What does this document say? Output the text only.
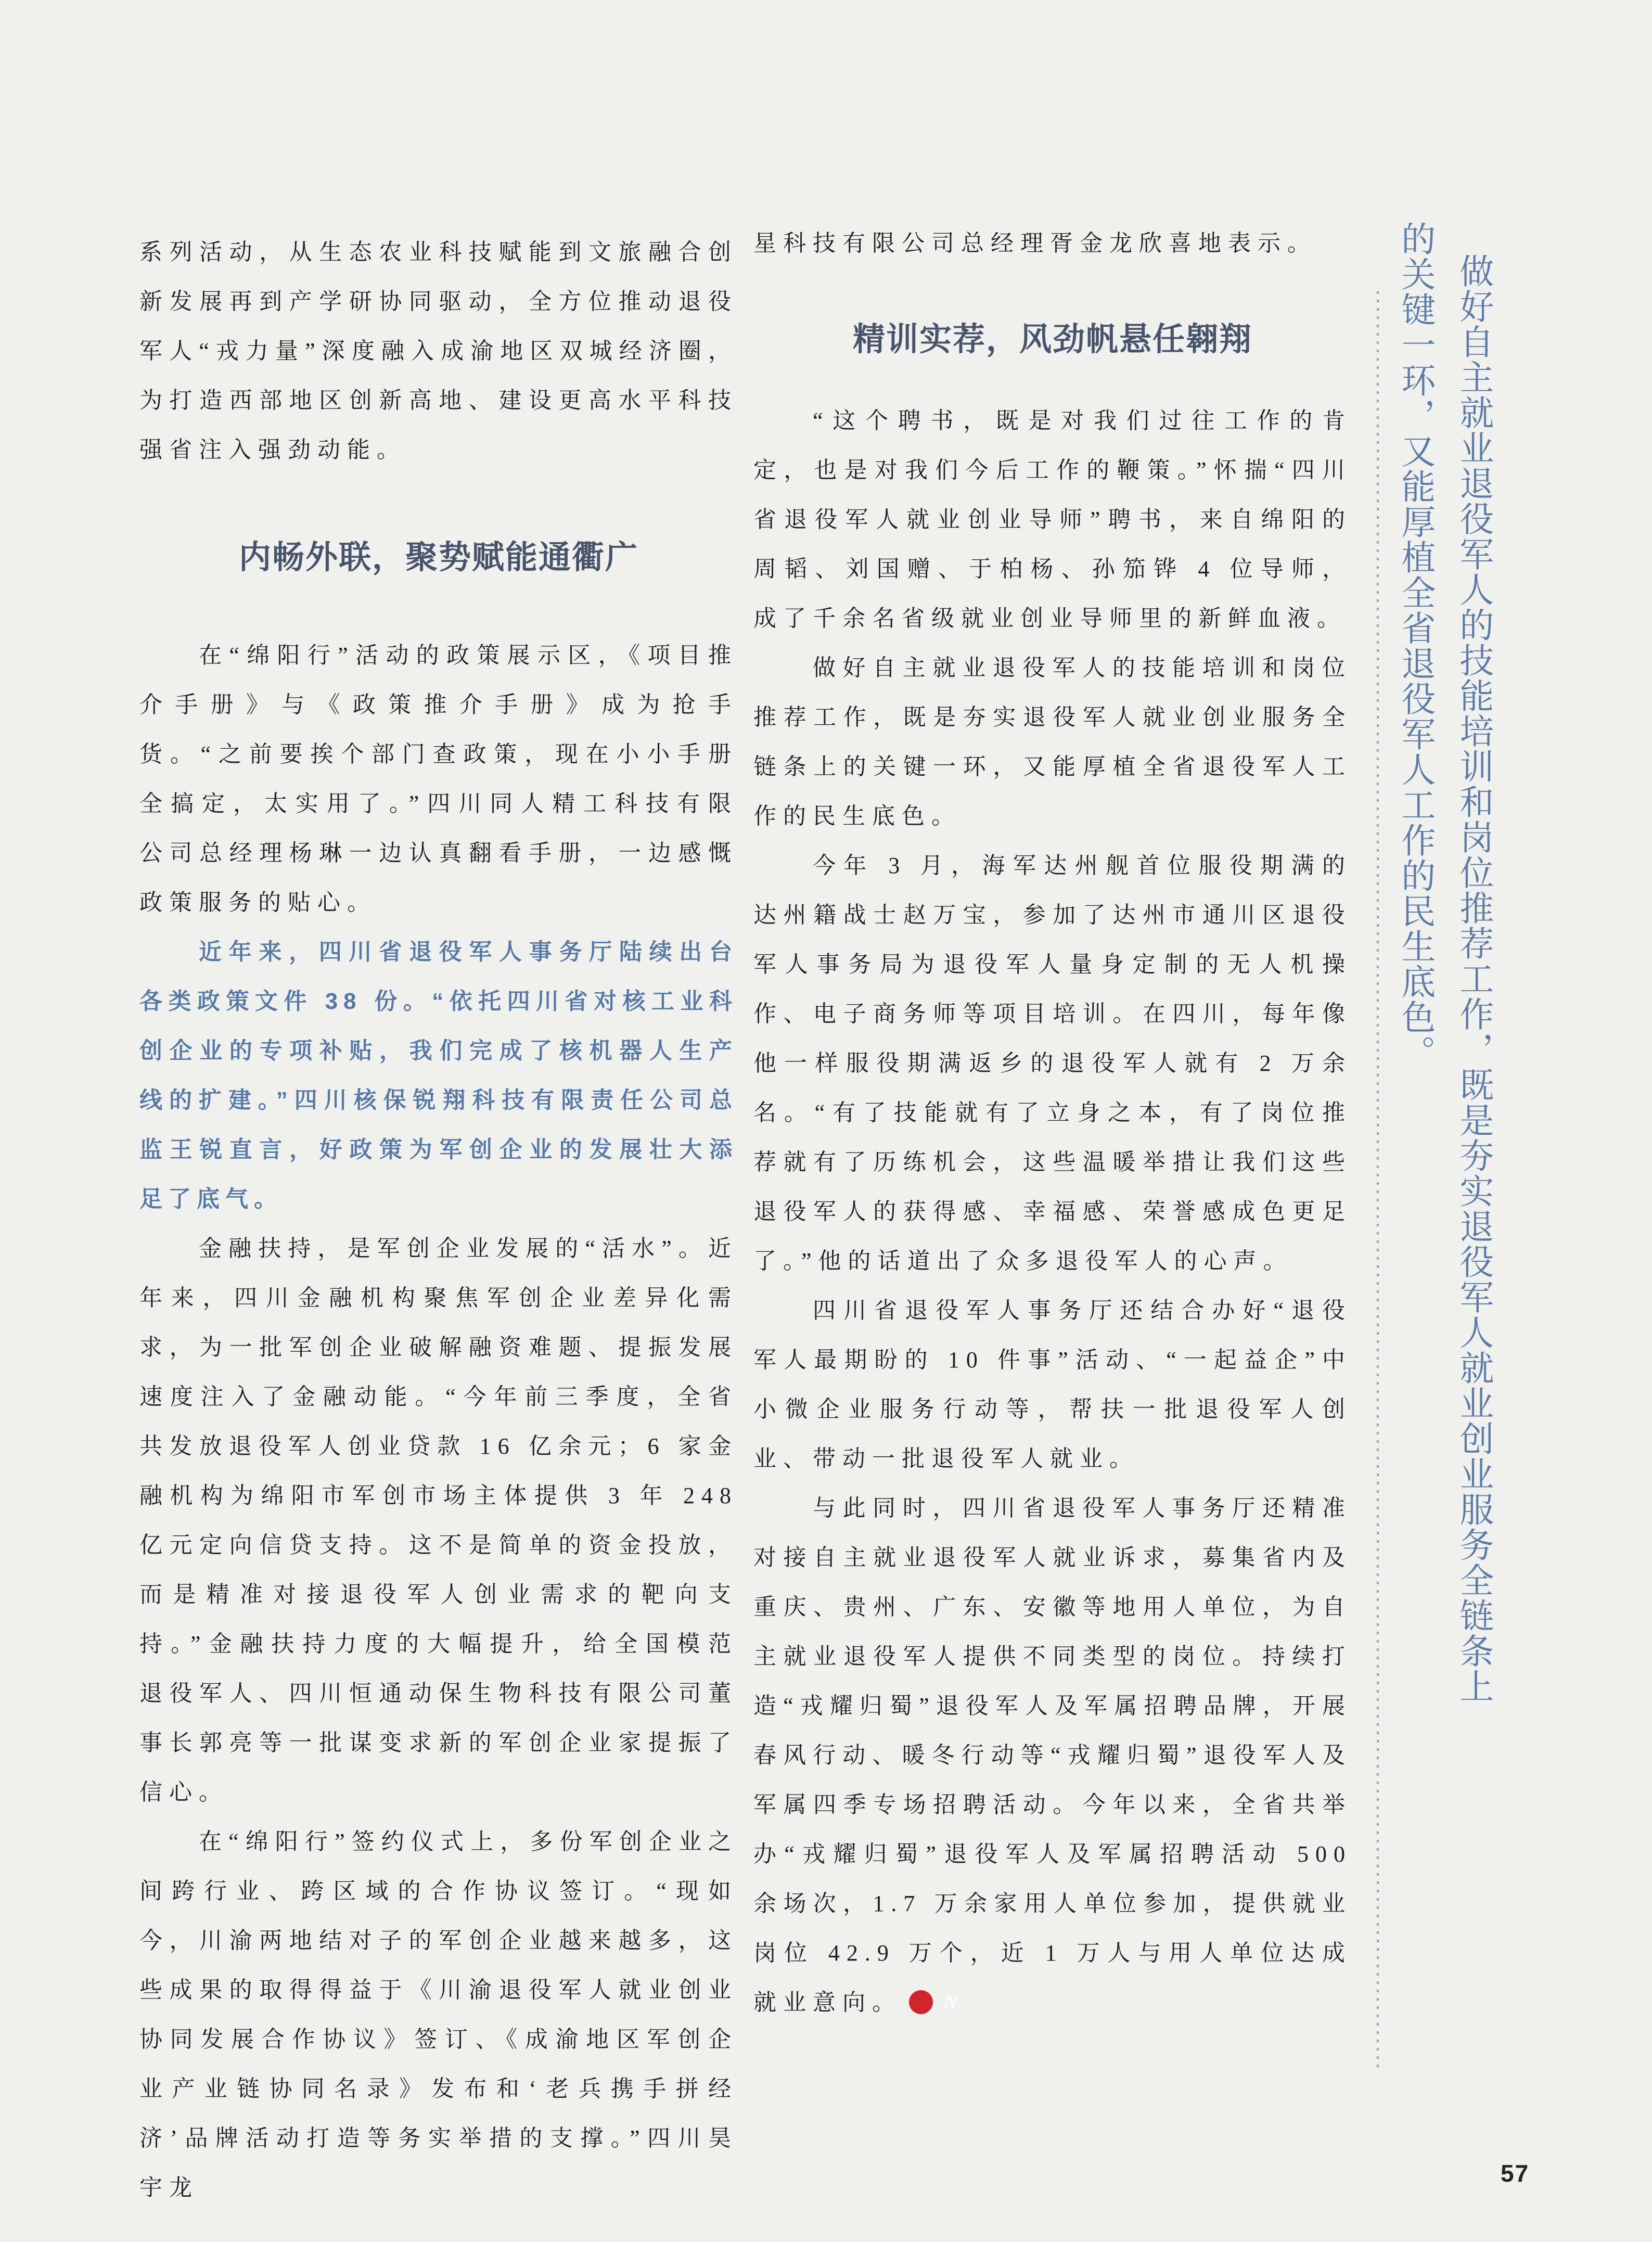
系列活动，从生态农业科技赋能到文旅融合创新发展再到产学研协同驱动，全方位推动退役军人“戎力量”深度融入成渝地区双城经济圈，为打造西部地区创新高地、建设更高水平科技强省注入强劲动能。

内畅外联，聚势赋能通衢广

在“绵阳行”活动的政策展示区，《项目推介手册》与《政策推介手册》成为抢手货。“之前要挨个部门查政策，现在小小手册全搞定，太实用了。”四川同人精工科技有限公司总经理杨琳一边认真翻看手册，一边感慨政策服务的贴心。

近年来，四川省退役军人事务厅陆续出台各类政策文件 38 份。“依托四川省对核工业科创企业的专项补贴，我们完成了核机器人生产线的扩建。”四川核保锐翔科技有限责任公司总监王锐直言，好政策为军创企业的发展壮大添足了底气。

金融扶持，是军创企业发展的“活水”。近年来，四川金融机构聚焦军创企业差异化需求，为一批军创企业破解融资难题、提振发展速度注入了金融动能。“今年前三季度，全省共发放退役军人创业贷款 16 亿余元；6 家金融机构为绵阳市军创市场主体提供 3 年 248 亿元定向信贷支持。这不是简单的资金投放，而是精准对接退役军人创业需求的靶向支持。”金融扶持力度的大幅提升，给全国模范退役军人、四川恒通动保生物科技有限公司董事长郭亮等一批谋变求新的军创企业家提振了信心。

在“绵阳行”签约仪式上，多份军创企业之间跨行业、跨区域的合作协议签订。“现如今，川渝两地结对子的军创企业越来越多，这些成果的取得得益于《川渝退役军人就业创业协同发展合作协议》签订、《成渝地区军创企业产业链协同名录》发布和‘老兵携手拼经济’品牌活动打造等务实举措的支撑。”四川昊宇龙

星科技有限公司总经理胥金龙欣喜地表示。

精训实荐，风劲帆悬任翱翔

“这个聘书，既是对我们过往工作的肯定，也是对我们今后工作的鞭策。”怀揣“四川省退役军人就业创业导师”聘书，来自绵阳的周韬、刘国赠、于柏杨、孙笳铧 4 位导师，成了千余名省级就业创业导师里的新鲜血液。

做好自主就业退役军人的技能培训和岗位推荐工作，既是夯实退役军人就业创业服务全链条上的关键一环，又能厚植全省退役军人工作的民生底色。

今年 3 月，海军达州舰首位服役期满的达州籍战士赵万宝，参加了达州市通川区退役军人事务局为退役军人量身定制的无人机操作、电子商务师等项目培训。在四川，每年像他一样服役期满返乡的退役军人就有 2 万余名。“有了技能就有了立身之本，有了岗位推荐就有了历练机会，这些温暖举措让我们这些退役军人的获得感、幸福感、荣誉感成色更足了。”他的话道出了众多退役军人的心声。

四川省退役军人事务厅还结合办好“退役军人最期盼的 10 件事”活动、“一起益企”中小微企业服务行动等，帮扶一批退役军人创业、带动一批退役军人就业。

与此同时，四川省退役军人事务厅还精准对接自主就业退役军人就业诉求，募集省内及重庆、贵州、广东、安徽等地用人单位，为自主就业退役军人提供不同类型的岗位。持续打造“戎耀归蜀”退役军人及军属招聘品牌，开展春风行动、暖冬行动等“戎耀归蜀”退役军人及军属四季专场招聘活动。今年以来，全省共举办“戎耀归蜀”退役军人及军属招聘活动 500 余场次，1.7 万余家用人单位参加，提供就业岗位 42.9 万个，近 1 万人与用人单位达成就业意向。	N

做好自主就业退役军人的技能培训和岗位推荐工作，既是夯实退役军人就业创业服务全链条上
的关键一环，又能厚植全省退役军人工作的民生底色。
57
